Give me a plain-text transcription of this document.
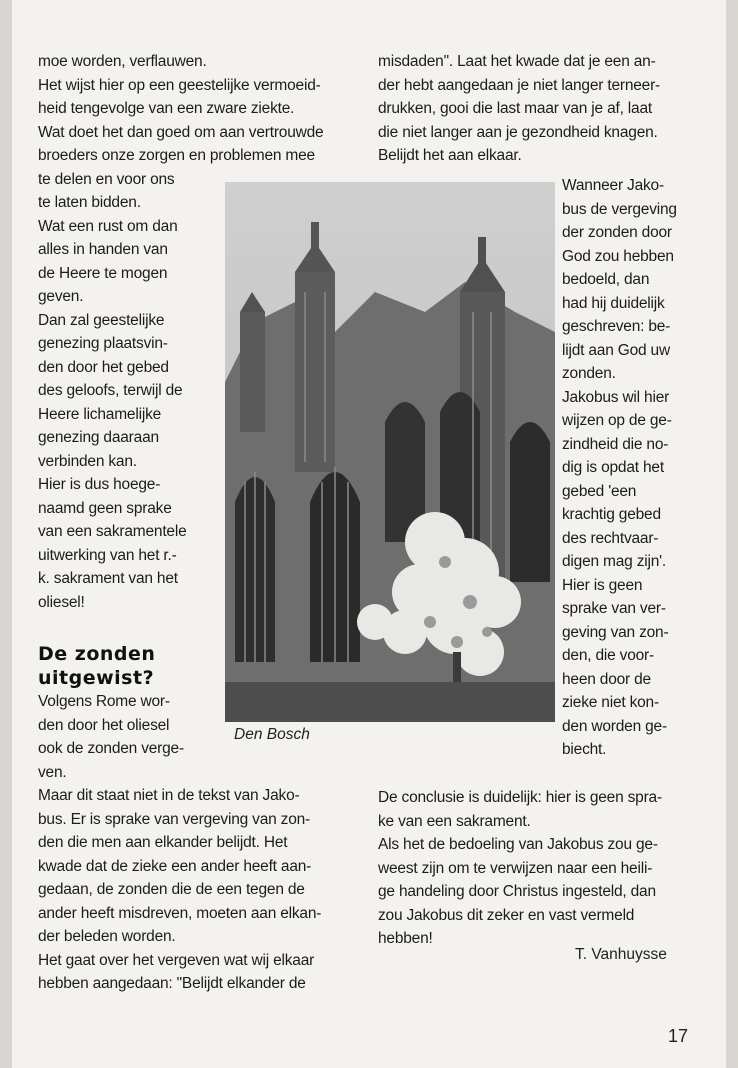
moe worden, verflauwen.
Het wijst hier op een geestelijke vermoeid-
heid tengevolge van een zware ziekte.
Wat doet het dan goed om aan vertrouwde
broeders onze zorgen en problemen mee
te delen en voor ons
te laten bidden.
Wat een rust om dan
alles in handen van
de Heere te mogen
geven.
Dan zal geestelijke
genezing plaatsvin-
den door het gebed
des geloofs, terwijl de
Heere lichamelijke
genezing daaraan
verbinden kan.
Hier is dus hoege-
naamd geen sprake
van een sakramentele
uitwerking van het r.-
k. sakrament van het
oliesel!
De zonden
uitgewist?
Volgens Rome wor-
den door het oliesel
ook de zonden verge-
ven.
Maar dit staat niet in de tekst van Jako-
bus. Er is sprake van vergeving van zon-
den die men aan elkander belijdt. Het
kwade dat de zieke een ander heeft aan-
gedaan, de zonden die de een tegen de
ander heeft misdreven, moeten aan elkan-
der beleden worden.
Het gaat over het vergeven wat wij elkaar
hebben aangedaan: "Belijdt elkander de
misdaden". Laat het kwade dat je een an-
der hebt aangedaan je niet langer terneer-
drukken, gooi die last maar van je af, laat
die niet langer aan je gezondheid knagen.
Belijdt het aan elkaar.
Wanneer Jako-
bus de vergeving
der zonden door
God zou hebben
bedoeld, dan
had hij duidelijk
geschreven: be-
lijdt aan God uw
zonden.
Jakobus wil hier
wijzen op de ge-
zindheid die no-
dig is opdat het
gebed 'een
krachtig gebed
des rechtvaar-
digen mag zijn'.
Hier is geen
sprake van ver-
geving van zon-
den, die voor-
heen door de
zieke niet kon-
den worden ge-
biecht.
De conclusie is duidelijk: hier is geen spra-
ke van een sakrament.
Als het de bedoeling van Jakobus zou ge-
weest zijn om te verwijzen naar een heili-
ge handeling door Christus ingesteld, dan
zou Jakobus dit zeker en vast vermeld
hebben!
T. Vanhuysse
Den Bosch
17
